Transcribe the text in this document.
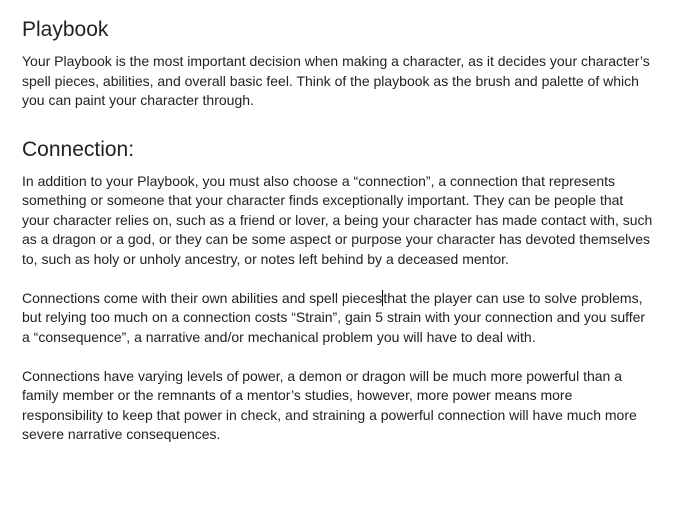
Playbook

Your Playbook is the most important decision when making a character, as it decides your character’s spell pieces, abilities, and overall basic feel. Think of the playbook as the brush and palette of which you can paint your character through.

Connection:

In addition to your Playbook, you must also choose a “connection”, a connection that represents something or someone that your character finds exceptionally important. They can be people that your character relies on, such as a friend or lover, a being your character has made contact with, such as a dragon or a god, or they can be some aspect or purpose your character has devoted themselves to, such as holy or unholy ancestry, or notes left behind by a deceased mentor.

Connections come with their own abilities and spell piecesthat the player can use to solve problems, but relying too much on a connection costs “Strain”, gain 5 strain with your connection and you suffer a “consequence”, a narrative and/or mechanical problem you will have to deal with.

Connections have varying levels of power, a demon or dragon will be much more powerful than a family member or the remnants of a mentor’s studies, however, more power means more responsibility to keep that power in check, and straining a powerful connection will have much more severe narrative consequences.
